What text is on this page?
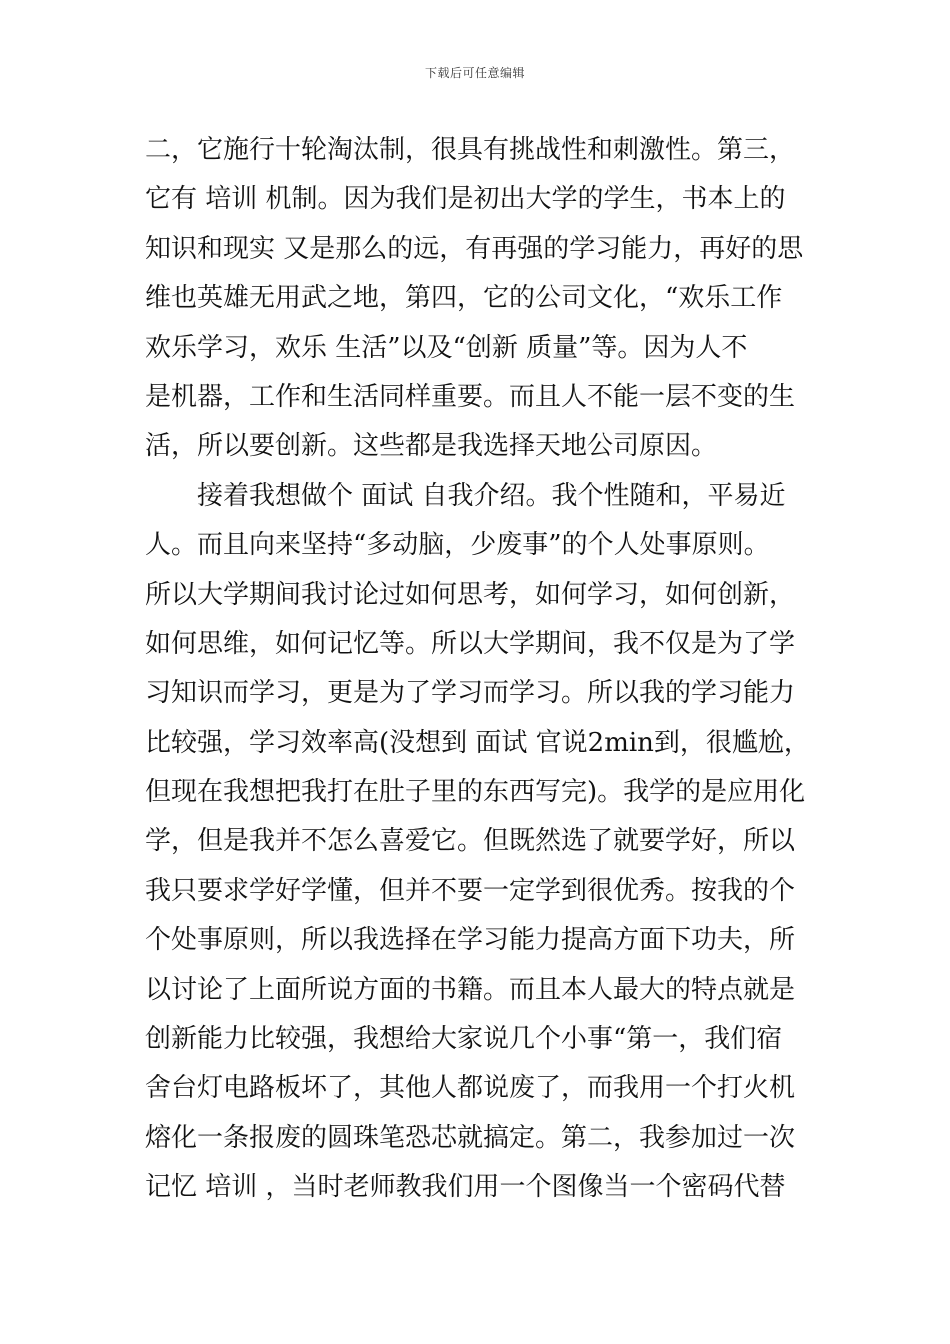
下载后可任意编辑
二，它施行十轮淘汰制，很具有挑战性和刺激性。第三，
它有 培训 机制。因为我们是初出大学的学生，书本上的
知识和现实 又是那么的远，有再强的学习能力，再好的思
维也英雄无用武之地，第四，它的公司文化，“欢乐工作
欢乐学习，欢乐 生活”以及“创新 质量”等。因为人不
是机器，工作和生活同样重要。而且人不能一层不变的生
活，所以要创新。这些都是我选择天地公司原因。
接着我想做个 面试 自我介绍。我个性随和，平易近
人。而且向来坚持“多动脑，少废事”的个人处事原则。
所以大学期间我讨论过如何思考，如何学习，如何创新，
如何思维，如何记忆等。所以大学期间，我不仅是为了学
习知识而学习，更是为了学习而学习。所以我的学习能力
比较强，学习效率高(没想到 面试 官说2min到，很尴尬，
但现在我想把我打在肚子里的东西写完)。我学的是应用化
学，但是我并不怎么喜爱它。但既然选了就要学好，所以
我只要求学好学懂，但并不要一定学到很优秀。按我的个
个处事原则，所以我选择在学习能力提高方面下功夫，所
以讨论了上面所说方面的书籍。而且本人最大的特点就是
创新能力比较强，我想给大家说几个小事“第一，我们宿
舍台灯电路板坏了，其他人都说废了，而我用一个打火机
熔化一条报废的圆珠笔恐芯就搞定。第二，我参加过一次
记忆 培训 ，当时老师教我们用一个图像当一个密码代替
